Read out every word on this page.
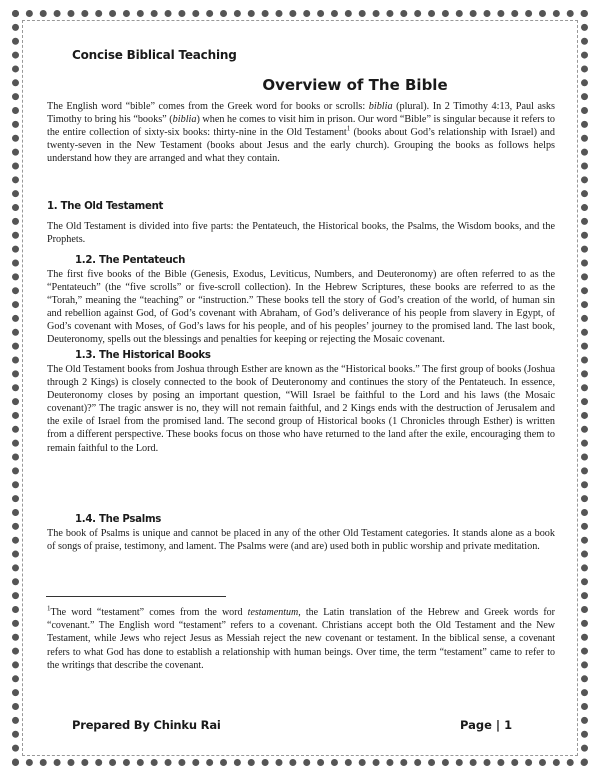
Concise Biblical Teaching
Overview of The Bible
The English word “bible” comes from the Greek word for books or scrolls: biblia (plural). In 2 Timothy 4:13, Paul asks Timothy to bring his “books” (biblia) when he comes to visit him in prison. Our word “Bible” is singular because it refers to the entire collection of sixty-six books: thirty-nine in the Old Testament$^1$ (books about God’s relationship with Israel) and twenty-seven in the New Testament (books about Jesus and the early church). Grouping the books as follows helps understand how they are arranged and what they contain.
1. The Old Testament
The Old Testament is divided into five parts: the Pentateuch, the Historical books, the Psalms, the Wisdom books, and the Prophets.
1.2. The Pentateuch
The first five books of the Bible (Genesis, Exodus, Leviticus, Numbers, and Deuteronomy) are often referred to as the “Pentateuch” (the “five scrolls” or five-scroll collection). In the Hebrew Scriptures, these books are referred to as the “Torah,” meaning the “teaching” or “instruction.” These books tell the story of God’s creation of the world, of human sin and rebellion against God, of God’s covenant with Abraham, of God’s deliverance of his people from slavery in Egypt, of God’s covenant with Moses, of God’s laws for his people, and of his peoples’ journey to the promised land. The last book, Deuteronomy, spells out the blessings and penalties for keeping or rejecting the Mosaic covenant.
1.3. The Historical Books
The Old Testament books from Joshua through Esther are known as the “Historical books.” The first group of books (Joshua through 2 Kings) is closely connected to the book of Deuteronomy and continues the story of the Pentateuch. In essence, Deuteronomy closes by posing an important question, “Will Israel be faithful to the Lord and his laws (the Mosaic covenant)?” The tragic answer is no, they will not remain faithful, and 2 Kings ends with the destruction of Jerusalem and the exile of Israel from the promised land. The second group of Historical books (1 Chronicles through Esther) is written from a different perspective. These books focus on those who have returned to the land after the exile, encouraging them to remain faithful to the Lord.
1.4. The Psalms
The book of Psalms is unique and cannot be placed in any of the other Old Testament categories. It stands alone as a book of songs of praise, testimony, and lament. The Psalms were (and are) used both in public worship and private meditation.
$^1$The word “testament” comes from the word testamentum, the Latin translation of the Hebrew and Greek words for “covenant.” The English word “testament” refers to a covenant. Christians accept both the Old Testament and the New Testament, while Jews who reject Jesus as Messiah reject the new covenant or testament. In the biblical sense, a covenant refers to what God has done to establish a relationship with human beings. Over time, the term “testament” came to refer to the writings that describe the covenant.
Prepared By Chinku Rai	Page | 1
